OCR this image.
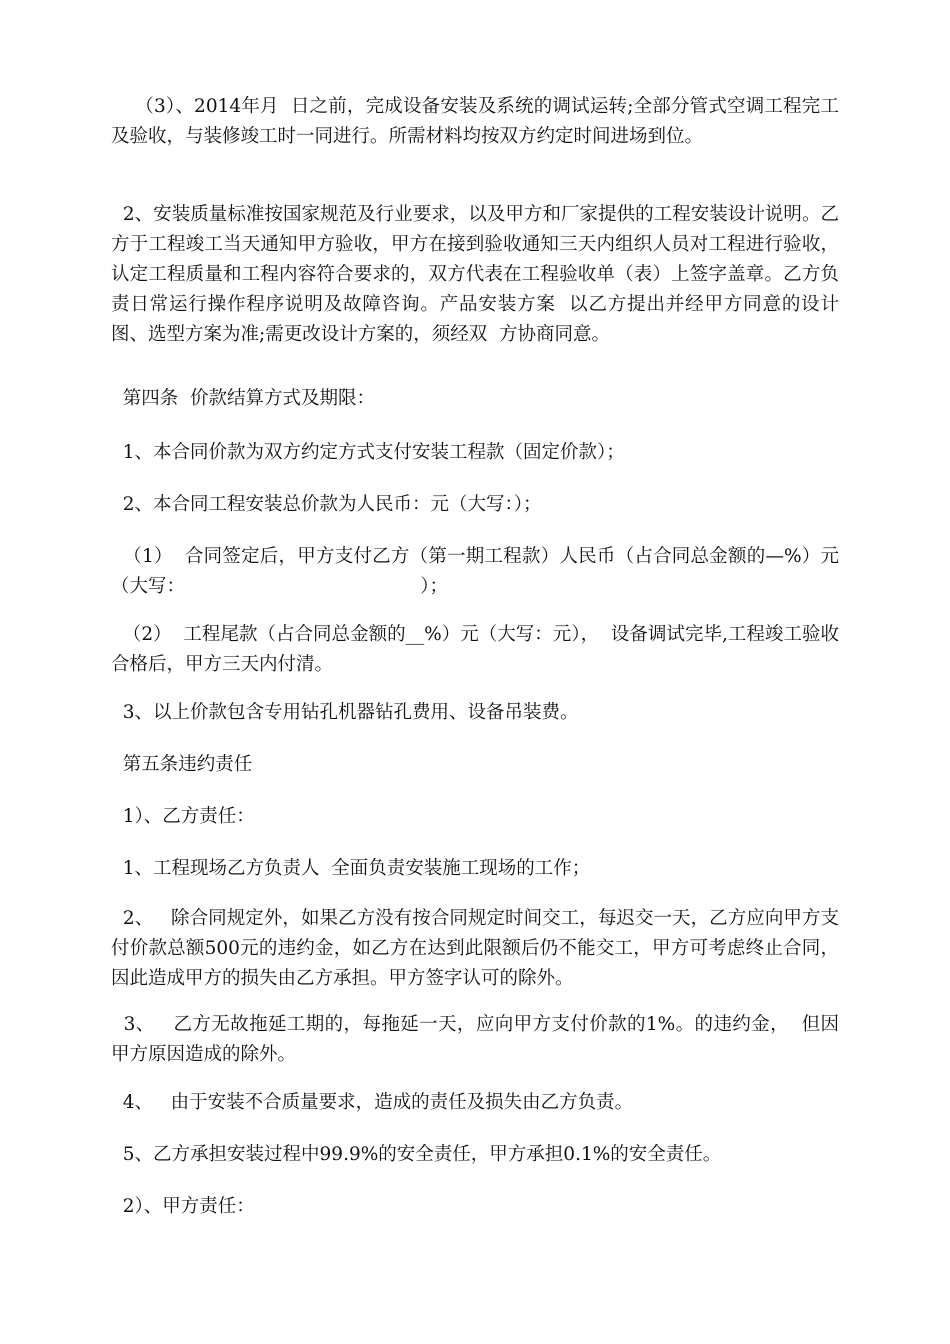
（3）、2014年月  日之前，完成设备安装及系统的调试运转;全部分管式空调工程完工及验收，与装修竣工时一同进行。所需材料均按双方约定时间进场到位。

2、安装质量标准按国家规范及行业要求，以及甲方和厂家提供的工程安装设计说明。乙方于工程竣工当天通知甲方验收，甲方在接到验收通知三天内组织人员对工程进行验收，认定工程质量和工程内容符合要求的，双方代表在工程验收单（表）上签字盖章。乙方负责日常运行操作程序说明及故障咨询。产品安装方案  以乙方提出并经甲方同意的设计图、选型方案为准;需更改设计方案的，须经双  方协商同意。

第四条  价款结算方式及期限：

1、本合同价款为双方约定方式支付安装工程款（固定价款）；

2、本合同工程安装总价款为人民币：元（大写：）；

（1）  合同签定后，甲方支付乙方（第一期工程款）人民币（占合同总金额的—%）元（大写：                                        ）；

（2）  工程尾款（占合同总金额的__%）元（大写：元），  设备调试完毕,工程竣工验收合格后，甲方三天内付清。

3、以上价款包含专用钻孔机器钻孔费用、设备吊装费。

第五条违约责任

1）、乙方责任：

1、工程现场乙方负责人  全面负责安装施工现场的工作；

2、   除合同规定外，如果乙方没有按合同规定时间交工，每迟交一天，乙方应向甲方支付价款总额500元的违约金，如乙方在达到此限额后仍不能交工，甲方可考虑终止合同，因此造成甲方的损失由乙方承担。甲方签字认可的除外。

3、   乙方无故拖延工期的，每拖延一天，应向甲方支付价款的1%。的违约金，  但因甲方原因造成的除外。

4、   由于安装不合质量要求，造成的责任及损失由乙方负责。

5、乙方承担安装过程中99.9%的安全责任，甲方承担0.1%的安全责任。

2）、甲方责任：
